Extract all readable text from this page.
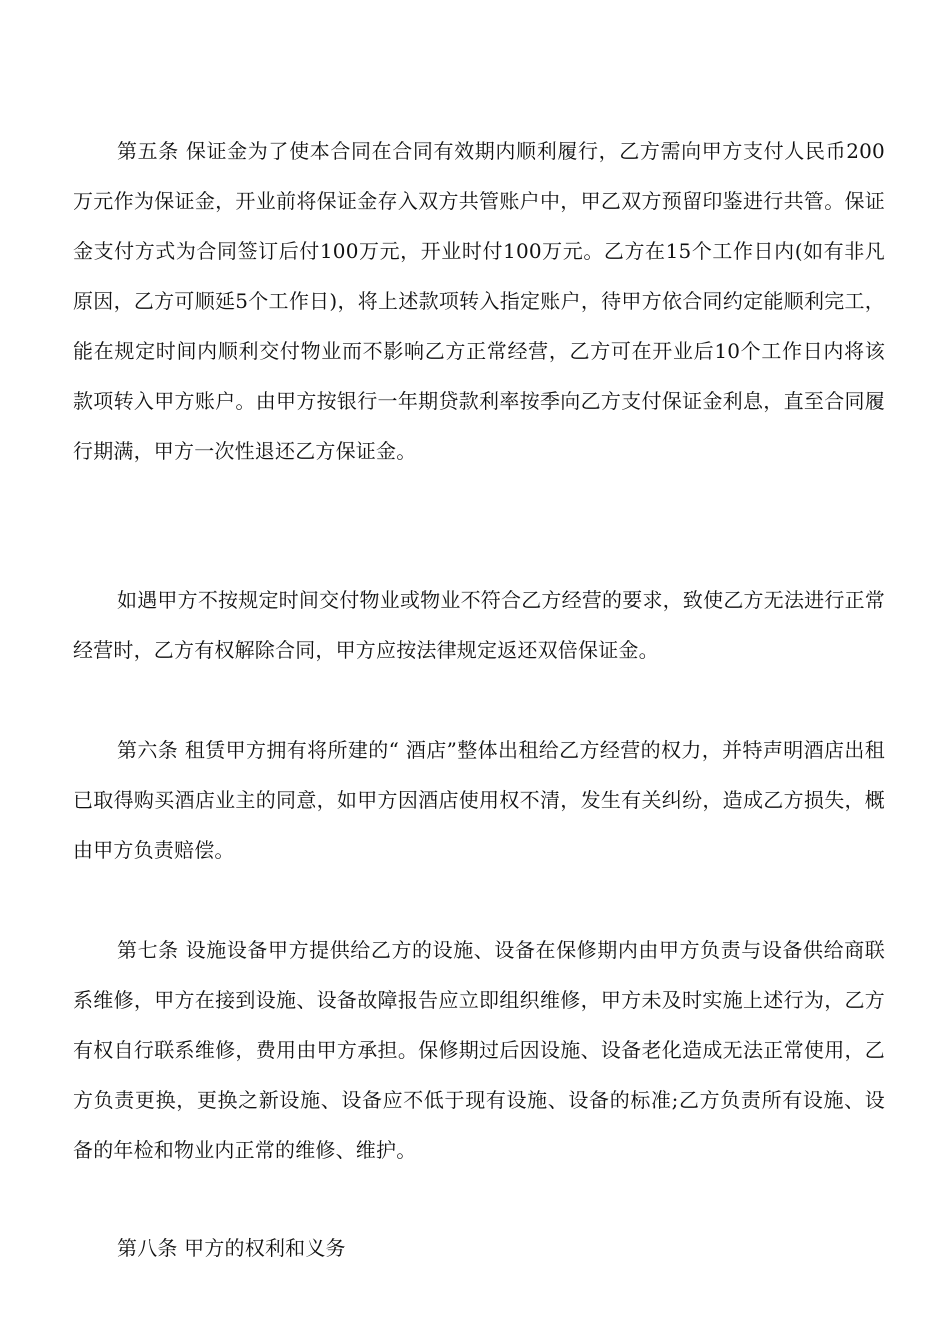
第五条 保证金为了使本合同在合同有效期内顺利履行，乙方需向甲方支付人民币200万元作为保证金，开业前将保证金存入双方共管账户中，甲乙双方预留印鉴进行共管。保证金支付方式为合同签订后付100万元，开业时付100万元。乙方在15个工作日内(如有非凡原因，乙方可顺延5个工作日)，将上述款项转入指定账户，待甲方依合同约定能顺利完工，能在规定时间内顺利交付物业而不影响乙方正常经营，乙方可在开业后10个工作日内将该款项转入甲方账户。由甲方按银行一年期贷款利率按季向乙方支付保证金利息，直至合同履行期满，甲方一次性退还乙方保证金。

如遇甲方不按规定时间交付物业或物业不符合乙方经营的要求，致使乙方无法进行正常经营时，乙方有权解除合同，甲方应按法律规定返还双倍保证金。

第六条 租赁甲方拥有将所建的“ 酒店”整体出租给乙方经营的权力，并特声明酒店出租已取得购买酒店业主的同意，如甲方因酒店使用权不清，发生有关纠纷，造成乙方损失，概由甲方负责赔偿。

第七条 设施设备甲方提供给乙方的设施、设备在保修期内由甲方负责与设备供给商联系维修，甲方在接到设施、设备故障报告应立即组织维修，甲方未及时实施上述行为，乙方有权自行联系维修，费用由甲方承担。保修期过后因设施、设备老化造成无法正常使用，乙方负责更换，更换之新设施、设备应不低于现有设施、设备的标准;乙方负责所有设施、设备的年检和物业内正常的维修、维护。

第八条 甲方的权利和义务
